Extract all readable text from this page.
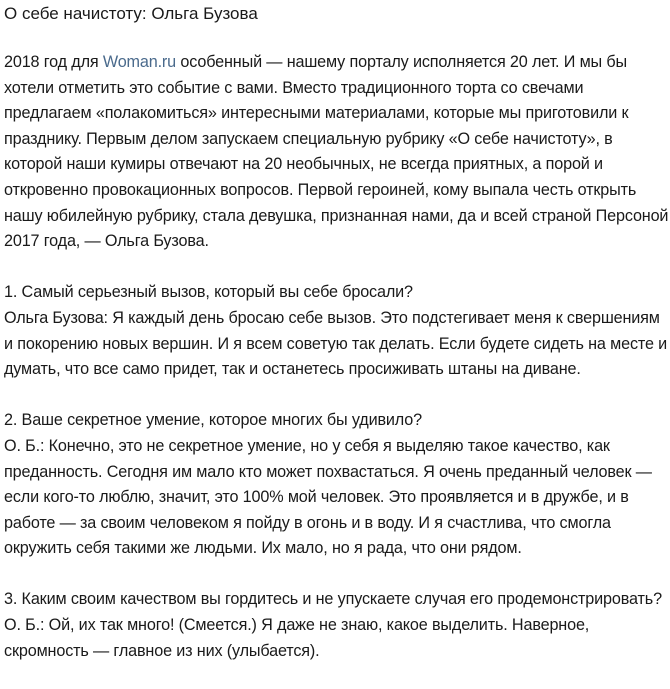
О себе начистоту: Ольга Бузова

2018 год для Woman.ru особенный — нашему порталу исполняется 20 лет. И мы бы хотели отметить это событие с вами. Вместо традиционного торта со свечами предлагаем «полакомиться» интересными материалами, которые мы приготовили к празднику. Первым делом запускаем специальную рубрику «О себе начистоту», в которой наши кумиры отвечают на 20 необычных, не всегда приятных, а порой и откровенно провокационных вопросов. Первой героиней, кому выпала честь открыть нашу юбилейную рубрику, стала девушка, признанная нами, да и всей страной Персоной 2017 года, — Ольга Бузова.

1. Самый серьезный вызов, который вы себе бросали?

Ольга Бузова: Я каждый день бросаю себе вызов. Это подстегивает меня к свершениям и покорению новых вершин. И я всем советую так делать. Если будете сидеть на месте и думать, что все само придет, так и останетесь просиживать штаны на диване.

2. Ваше секретное умение, которое многих бы удивило?

О. Б.: Конечно, это не секретное умение, но у себя я выделяю такое качество, как преданность. Сегодня им мало кто может похвастаться. Я очень преданный человек — если кого-то люблю, значит, это 100% мой человек. Это проявляется и в дружбе, и в работе — за своим человеком я пойду в огонь и в воду. И я счастлива, что смогла окружить себя такими же людьми. Их мало, но я рада, что они рядом.

3. Каким своим качеством вы гордитесь и не упускаете случая его продемонстрировать?

О. Б.: Ой, их так много! (Смеется.) Я даже не знаю, какое выделить. Наверное, скромность — главное из них (улыбается).
